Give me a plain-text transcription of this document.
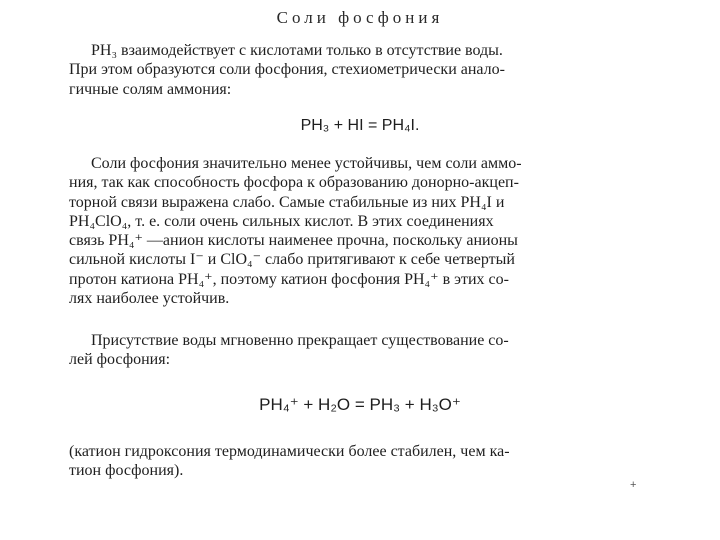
Соли фосфония
PH₃ взаимодействует с кислотами только в отсутствие воды.
При этом образуются соли фосфония, стехиометрически анало-
гичные солям аммония:
PH₃ + HI = PH₄I.
Соли фосфония значительно менее устойчивы, чем соли аммо-
ния, так как способность фосфора к образованию донорно-акцеп-
торной связи выражена слабо. Самые стабильные из них PH₄I и
PH₄ClO₄, т. е. соли очень сильных кислот. В этих соединениях
связь PH₄⁺ —анион кислоты наименее прочна, поскольку анионы
сильной кислоты I⁻ и ClO₄⁻ слабо притягивают к себе четвертый
протон катиона PH₄⁺, поэтому катион фосфония PH₄⁺ в этих со-
лях наиболее устойчив.
Присутствие воды мгновенно прекращает существование со-
лей фосфония:
PH₄⁺ + H₂O = PH₃ + H₃O⁺
(катион гидроксония термодинамически более стабилен, чем ка-
тион фосфония).
+
